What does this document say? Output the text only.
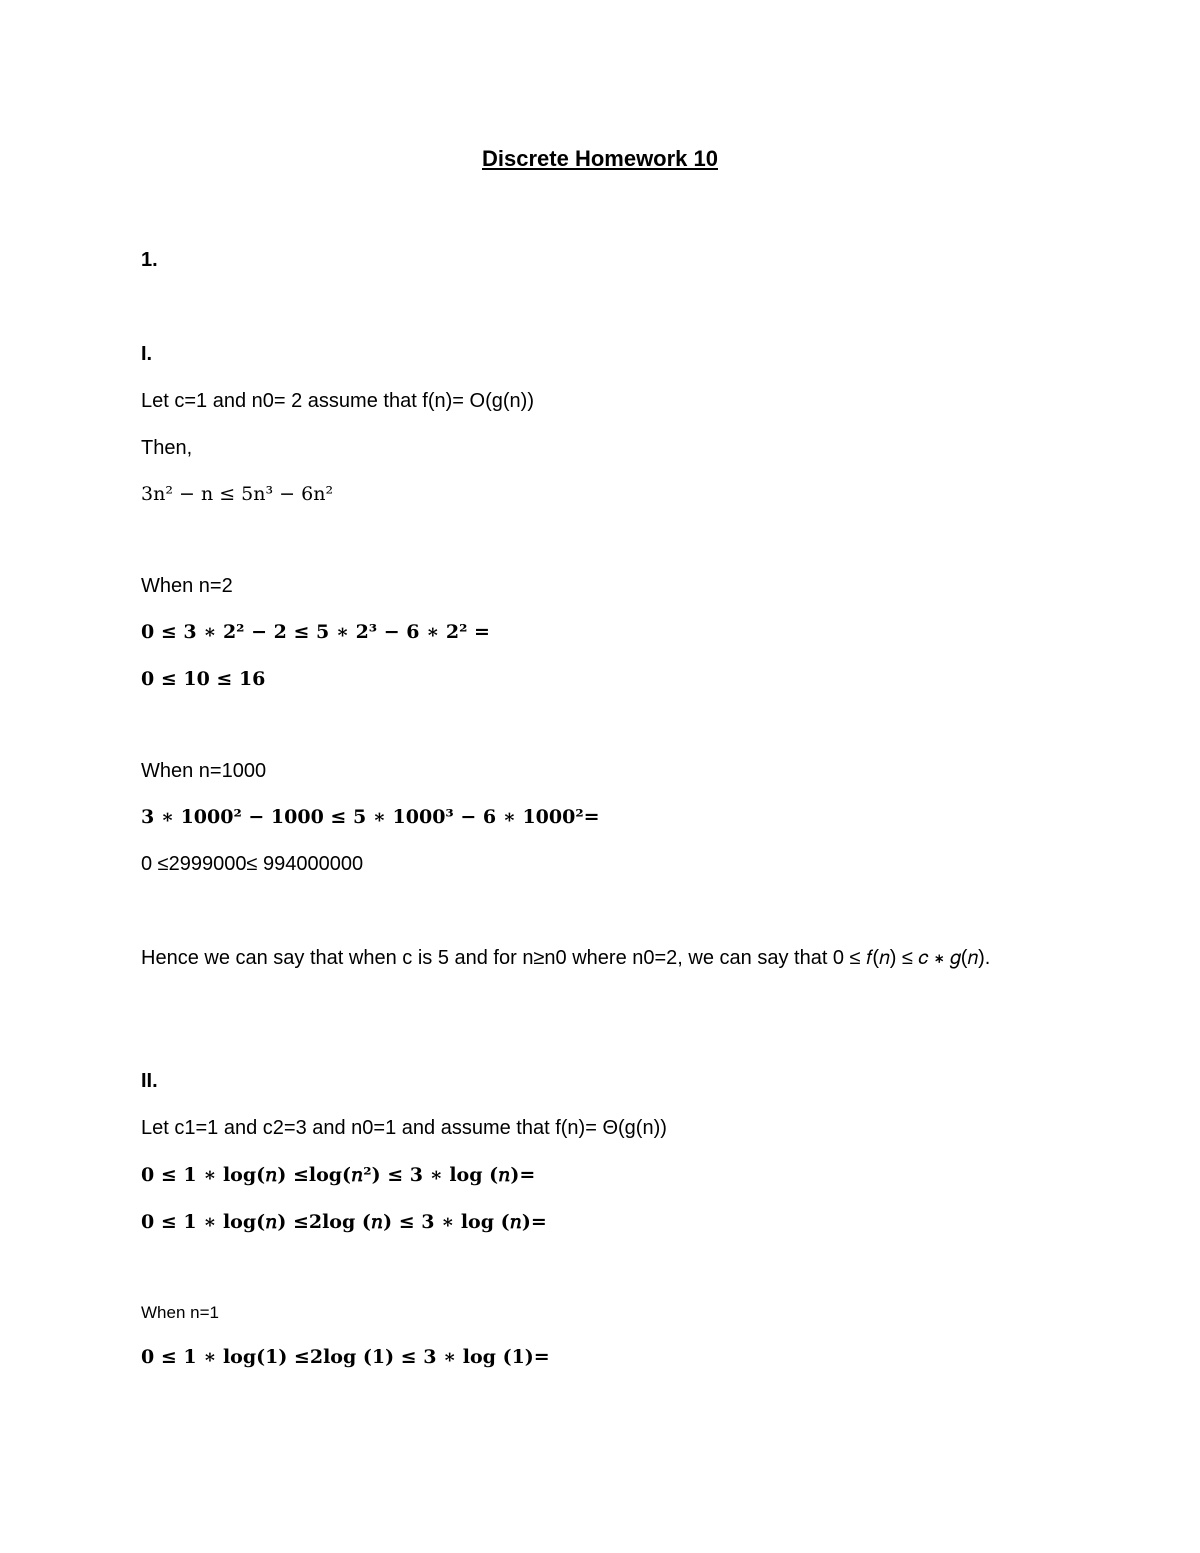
Discrete Homework 10
1.
I.
Let c=1 and n0= 2 assume that f(n)= O(g(n))
Then,
3n² − n ≤ 5n³ − 6n²
When n=2
0 ≤ 3 ∗ 2² − 2 ≤ 5 ∗ 2³ − 6 ∗ 2² =
0 ≤ 10 ≤ 16
When n=1000
3 ∗ 1000² − 1000 ≤ 5 ∗ 1000³ − 6 ∗ 1000²=
0 ≤2999000≤ 994000000
Hence we can say that when c is 5 and for n≥n0 where n0=2, we can say that 0 ≤ 𝑓(𝑛) ≤ 𝑐 ∗ 𝑔(𝑛).
II.
Let c1=1 and c2=3 and n0=1 and assume that f(n)= Θ(g(n))
0 ≤ 1 ∗ log(𝑛) ≤log(𝑛²) ≤ 3 ∗ log (𝑛)=
0 ≤ 1 ∗ log(𝑛) ≤2log (𝑛) ≤ 3 ∗ log (𝑛)=
When n=1
0 ≤ 1 ∗ log(1) ≤2log (1) ≤ 3 ∗ log (1)=
